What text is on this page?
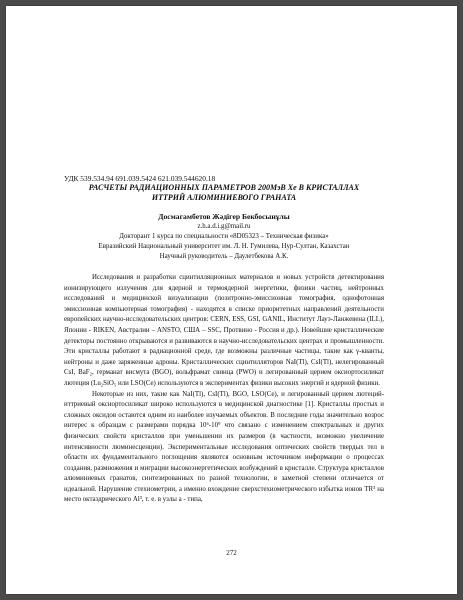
УДК 539.534.94 691.039.5424 621.039.544620.18

РАСЧЕТЫ РАДИАЦИОННЫХ ПАРАМЕТРОВ 200МэВ Xe В КРИСТАЛЛАХ

ИТТРИЙ АЛЮМИНИЕВОГО ГРАНАТА

Досмагамбетов Жәдігер Бекбосынұлы

z.h.a.d.i.g@mail.ru

Докторант 1 курса по специальности «8D05323 – Техническая физика»

Евразийский Национальный университет им. Л. Н. Гумилева, Нур-Султан, Казахстан

Научный руководитель – Даулетбекова А.К.

Исследования и разработки сцинтилляционных материалов и новых устройств детектирования ионизирующего излучения для ядерной и термоядерной энергетики, физики частиц, нейтронных исследований и медицинской визуализации (позитронно-эмиссионная томография, однофотонная эмиссионная компьютерная томография) - находятся в списке приоритетных направлений деятельности европейских научно-исследовательских центров: CERN, ESS, GSI, GANIL, Институт Лауэ-Ланжевена (ILL), Японии - RIKEN, Австралии – ANSTO, США – SSC, Протвино - Россия и др.). Новейшие кристаллические детекторы постоянно открываются и развиваются в научно-исследовательских центрах и промышленности. Эти кристаллы работают в радиационной среде, где возможны различные частицы, такие как γ-кванты, нейтроны и даже заряженные адроны. Кристаллических сцинтилляторов NaI(Tl), CsI(Tl), нелегированный CsI, BaF₂, германат висмута (BGO), вольфрамат свинца (PWO) и легированный церием оксиортосиликат лютеция (Lu₂SiO₅ или LSO(Ce) используются в экспериментах физики высоких энергий и ядерной физики.

Некоторые из них, такие как NaI(Tl), CsI(Tl), BGO, LSO(Ce), и легированный церием лютеций-иттриевый оксиортосиликат широко используются в медицинской диагностике [1]. Кристаллы простых и сложных оксидов остаются одним из наиболее изучаемых объектов. В последние годы значительно возрос интерес к образцам с размерами порядка 10⁶-10⁹ что связано с изменением спектральных и других физических свойств кристаллов при уменьшении их размеров (в частности, возможно увеличение интенсивности люминесценции). Экспериментальные исследования оптических свойств твердых тел в области их фундаментального поглощения являются основным источником информации о процессах создания, размножения и миграции высокоэнергетических возбуждений в кристалле. Структура кристаллов алюминиевых гранатов, синтезированных по разной технологии, в заметной степени отличается от идеальной. Нарушение стехиометрии, а именно вхождение сверхстехиометрического избытка ионов TR³ на место октаэдрического Al³, т. е. в узлы a - типа,

272
